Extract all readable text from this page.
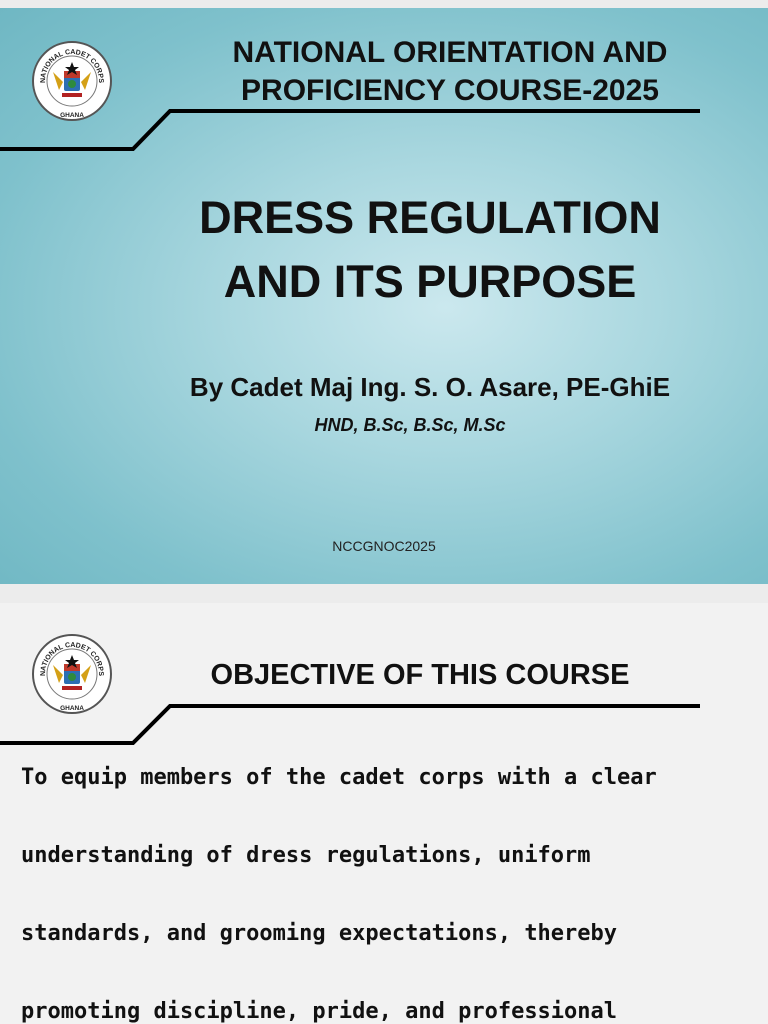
NATIONAL CADET CORPS
GHANA
NATIONAL ORIENTATION AND
PROFICIENCY COURSE-2025
DRESS REGULATION
AND ITS PURPOSE
By Cadet Maj Ing. S. O. Asare, PE-GhiE
HND, B.Sc, B.Sc, M.Sc
NCCGNOC2025
NATIONAL CADET CORPS
GHANA
OBJECTIVE OF THIS COURSE
To equip members of the cadet corps with a clear
understanding of dress regulations, uniform
standards, and grooming expectations, thereby
promoting discipline, pride, and professional
